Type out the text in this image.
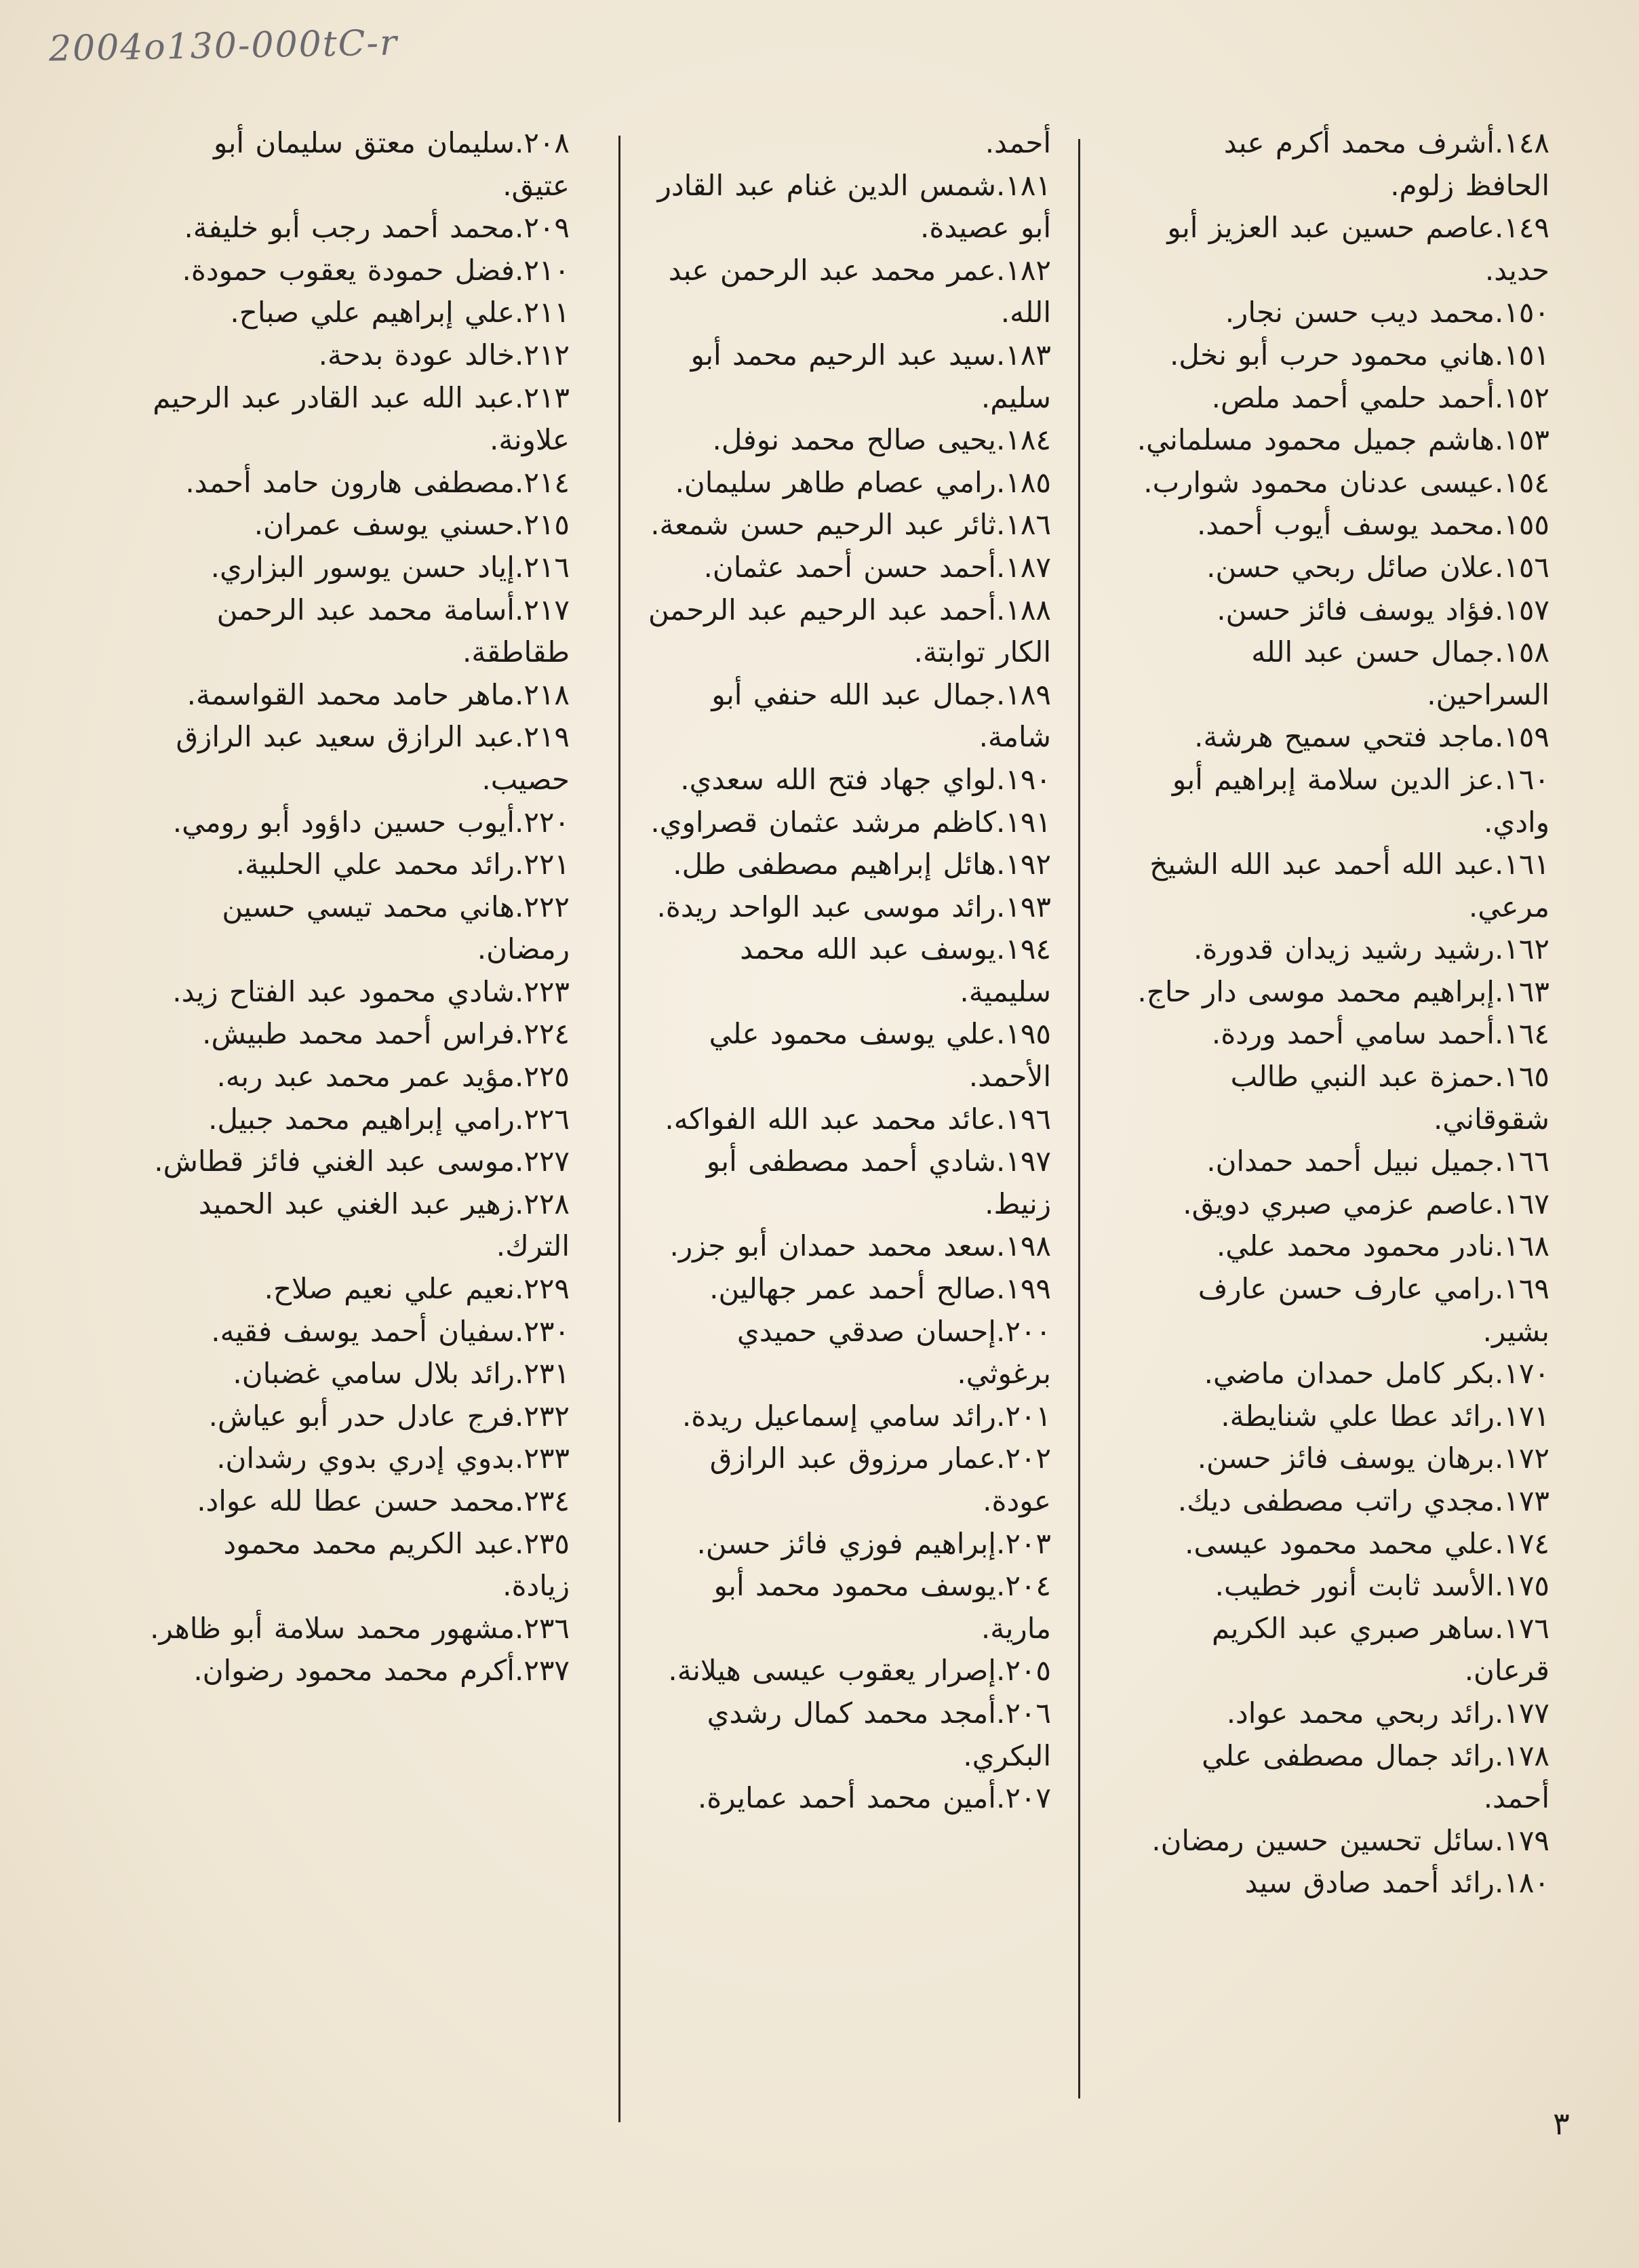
2004o130-000tC-r
١٤٨.أشرف محمد أكرم عبد الحافظ زلوم.
١٤٩.عاصم حسين عبد العزيز أبو حديد.
١٥٠.محمد ديب حسن نجار.
١٥١.هاني محمود حرب أبو نخل.
١٥٢.أحمد حلمي أحمد ملص.
١٥٣.هاشم جميل محمود مسلماني.
١٥٤.عيسى عدنان محمود شوارب.
١٥٥.محمد يوسف أيوب أحمد.
١٥٦.علان صائل ربحي حسن.
١٥٧.فؤاد يوسف فائز حسن.
١٥٨.جمال حسن عبد الله السراحين.
١٥٩.ماجد فتحي سميح هرشة.
١٦٠.عز الدين سلامة إبراهيم أبو وادي.
١٦١.عبد الله أحمد عبد الله الشيخ مرعي.
١٦٢.رشيد رشيد زيدان قدورة.
١٦٣.إبراهيم محمد موسى دار حاج.
١٦٤.أحمد سامي أحمد وردة.
١٦٥.حمزة عبد النبي طالب شقوقاني.
١٦٦.جميل نبيل أحمد حمدان.
١٦٧.عاصم عزمي صبري دويق.
١٦٨.نادر محمود محمد علي.
١٦٩.رامي عارف حسن عارف بشير.
١٧٠.بكر كامل حمدان ماضي.
١٧١.رائد عطا علي شنايطة.
١٧٢.برهان يوسف فائز حسن.
١٧٣.مجدي راتب مصطفى ديك.
١٧٤.علي محمد محمود عيسى.
١٧٥.الأسد ثابت أنور خطيب.
١٧٦.ساهر صبري عبد الكريم قرعان.
١٧٧.رائد ربحي محمد عواد.
١٧٨.رائد جمال مصطفى علي أحمد.
١٧٩.سائل تحسين حسين رمضان.
١٨٠.رائد أحمد صادق سيد
أحمد.
١٨١.شمس الدين غنام عبد القادر أبو عصيدة.
١٨٢.عمر محمد عبد الرحمن عبد الله.
١٨٣.سيد عبد الرحيم محمد أبو سليم.
١٨٤.يحيى صالح محمد نوفل.
١٨٥.رامي عصام طاهر سليمان.
١٨٦.ثائر عبد الرحيم حسن شمعة.
١٨٧.أحمد حسن أحمد عثمان.
١٨٨.أحمد عبد الرحيم عبد الرحمن الكار توابتة.
١٨٩.جمال عبد الله حنفي أبو شامة.
١٩٠.لواي جهاد فتح الله سعدي.
١٩١.كاظم مرشد عثمان قصراوي.
١٩٢.هائل إبراهيم مصطفى طل.
١٩٣.رائد موسى عبد الواحد ريدة.
١٩٤.يوسف عبد الله محمد سليمية.
١٩٥.علي يوسف محمود علي الأحمد.
١٩٦.عائد محمد عبد الله الفواكه.
١٩٧.شادي أحمد مصطفى أبو زنيط.
١٩٨.سعد محمد حمدان أبو جزر.
١٩٩.صالح أحمد عمر جهالين.
٢٠٠.إحسان صدقي حميدي برغوثي.
٢٠١.رائد سامي إسماعيل ريدة.
٢٠٢.عمار مرزوق عبد الرازق عودة.
٢٠٣.إبراهيم فوزي فائز حسن.
٢٠٤.يوسف محمود محمد أبو مارية.
٢٠٥.إصرار يعقوب عيسى هيلانة.
٢٠٦.أمجد محمد كمال رشدي البكري.
٢٠٧.أمين محمد أحمد عمايرة.
٢٠٨.سليمان معتق سليمان أبو عتيق.
٢٠٩.محمد أحمد رجب أبو خليفة.
٢١٠.فضل حمودة يعقوب حمودة.
٢١١.علي إبراهيم علي صباح.
٢١٢.خالد عودة بدحة.
٢١٣.عبد الله عبد القادر عبد الرحيم علاونة.
٢١٤.مصطفى هارون حامد أحمد.
٢١٥.حسني يوسف عمران.
٢١٦.إياد حسن يوسور البزاري.
٢١٧.أسامة محمد عبد الرحمن طقاطقة.
٢١٨.ماهر حامد محمد القواسمة.
٢١٩.عبد الرازق سعيد عبد الرازق حصيب.
٢٢٠.أيوب حسين داؤود أبو رومي.
٢٢١.رائد محمد علي الحلبية.
٢٢٢.هاني محمد تيسي حسين رمضان.
٢٢٣.شادي محمود عبد الفتاح زيد.
٢٢٤.فراس أحمد محمد طبيش.
٢٢٥.مؤيد عمر محمد عبد ربه.
٢٢٦.رامي إبراهيم محمد جبيل.
٢٢٧.موسى عبد الغني فائز قطاش.
٢٢٨.زهير عبد الغني عبد الحميد الترك.
٢٢٩.نعيم علي نعيم صلاح.
٢٣٠.سفيان أحمد يوسف فقيه.
٢٣١.رائد بلال سامي غضبان.
٢٣٢.فرج عادل حدر أبو عياش.
٢٣٣.بدوي إدري بدوي رشدان.
٢٣٤.محمد حسن عطا لله عواد.
٢٣٥.عبد الكريم محمد محمود زيادة.
٢٣٦.مشهور محمد سلامة أبو ظاهر.
٢٣٧.أكرم محمد محمود رضوان.
٣
